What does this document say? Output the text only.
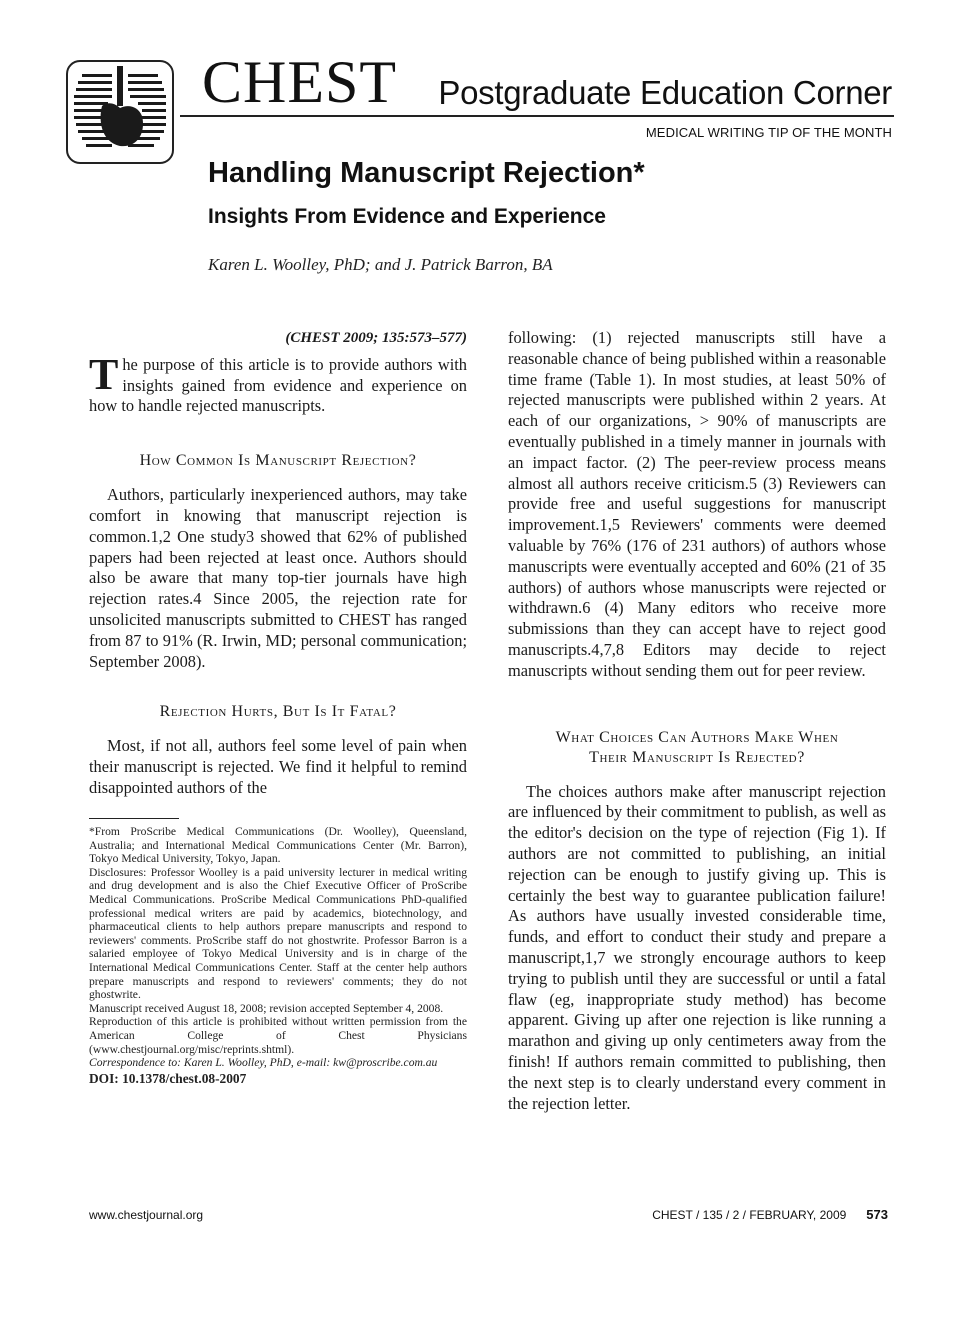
CHEST Postgraduate Education Corner
MEDICAL WRITING TIP OF THE MONTH
Handling Manuscript Rejection*
Insights From Evidence and Experience
Karen L. Woolley, PhD; and J. Patrick Barron, BA
(CHEST 2009; 135:573–577)

The purpose of this article is to provide authors with insights gained from evidence and experience on how to handle rejected manuscripts.

How Common Is Manuscript Rejection?

Authors, particularly inexperienced authors, may take comfort in knowing that manuscript rejection is common.1,2 One study3 showed that 62% of published papers had been rejected at least once. Authors should also be aware that many top-tier journals have high rejection rates.4 Since 2005, the rejection rate for unsolicited manuscripts submitted to CHEST has ranged from 87 to 91% (R. Irwin, MD; personal communication; September 2008).

Rejection Hurts, But Is It Fatal?

Most, if not all, authors feel some level of pain when their manuscript is rejected. We find it helpful to remind disappointed authors of the

following: (1) rejected manuscripts still have a reasonable chance of being published within a reasonable time frame (Table 1). In most studies, at least 50% of rejected manuscripts were published within 2 years. At each of our organizations, > 90% of manuscripts are eventually published in a timely manner in journals with an impact factor. (2) The peer-review process means almost all authors receive criticism.5 (3) Reviewers can provide free and useful suggestions for manuscript improvement.1,5 Reviewers' comments were deemed valuable by 76% (176 of 231 authors) of authors whose manuscripts were eventually accepted and 60% (21 of 35 authors) of authors whose manuscripts were rejected or withdrawn.6 (4) Many editors who receive more submissions than they can accept have to reject good manuscripts.4,7,8 Editors may decide to reject manuscripts without sending them out for peer review.

What Choices Can Authors Make When

Their Manuscript Is Rejected?

The choices authors make after manuscript rejection are influenced by their commitment to publish, as well as the editor's decision on the type of rejection (Fig 1). If authors are not committed to publishing, an initial rejection can be enough to justify giving up. This is certainly the best way to guarantee publication failure! As authors have usually invested considerable time, funds, and effort to conduct their study and prepare a manuscript,1,7 we strongly encourage authors to keep trying to publish until they are successful or until a fatal flaw (eg, inappropriate study method) has become apparent. Giving up after one rejection is like running a marathon and giving up only centimeters away from the finish! If authors remain committed to publishing, then the next step is to clearly understand every comment in the rejection letter.

*From ProScribe Medical Communications (Dr. Woolley), Queensland, Australia; and International Medical Communications Center (Mr. Barron), Tokyo Medical University, Tokyo, Japan.

Disclosures: Professor Woolley is a paid university lecturer in medical writing and drug development and is also the Chief Executive Officer of ProScribe Medical Communications. ProScribe Medical Communications PhD-qualified professional medical writers are paid by academics, biotechnology, and pharmaceutical clients to help authors prepare manuscripts and respond to reviewers' comments. ProScribe staff do not ghostwrite. Professor Barron is a salaried employee of Tokyo Medical University and is in charge of the International Medical Communications Center. Staff at the center help authors prepare manuscripts and respond to reviewers' comments; they do not ghostwrite.

Manuscript received August 18, 2008; revision accepted September 4, 2008.

Reproduction of this article is prohibited without written permission from the American College of Chest Physicians (www.chestjournal.org/misc/reprints.shtml).

Correspondence to: Karen L. Woolley, PhD, e-mail: kw@proscribe.com.au

DOI: 10.1378/chest.08-2007

www.chestjournal.org	CHEST / 135 / 2 / FEBRUARY, 2009 573
